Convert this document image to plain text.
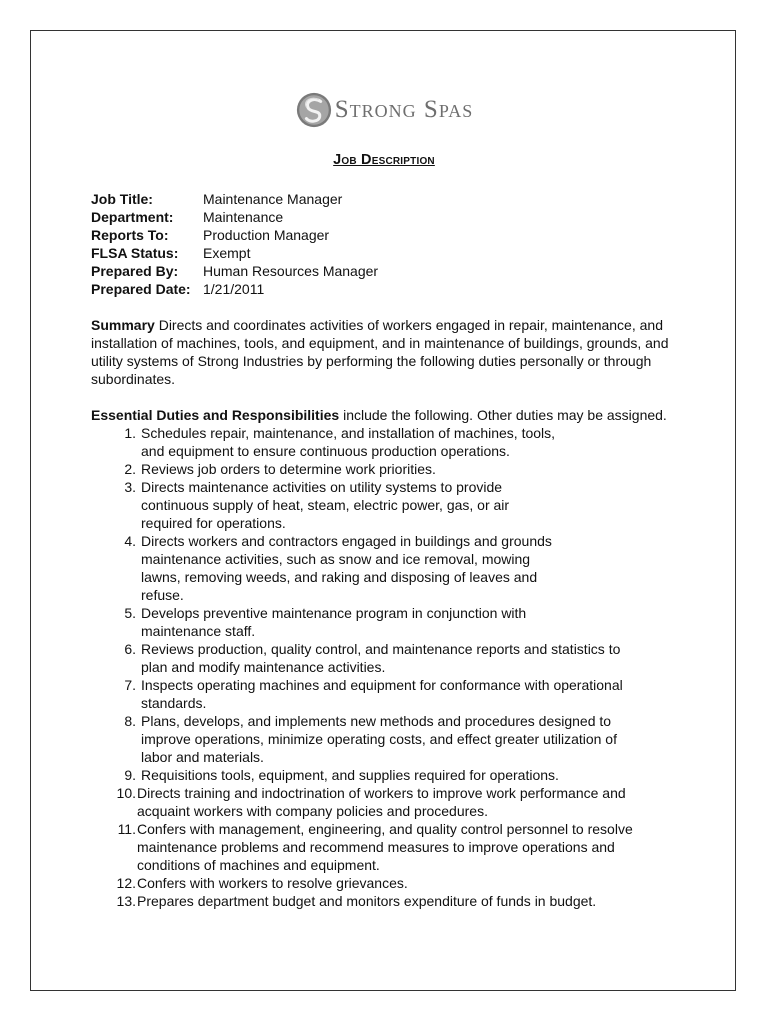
Strong Spas
Job Description
Job Title:	Maintenance Manager
Department:	Maintenance
Reports To:	Production Manager
FLSA Status:	Exempt
Prepared By:	Human Resources Manager
Prepared Date: 1/21/2011
Summary Directs and coordinates activities of workers engaged in repair, maintenance, and installation of machines, tools, and equipment, and in maintenance of buildings, grounds, and utility systems of Strong Industries by performing the following duties personally or through subordinates.
Essential Duties and Responsibilities include the following. Other duties may be assigned.
1. Schedules repair, maintenance, and installation of machines, tools,
and equipment to ensure continuous production operations.
2. Reviews job orders to determine work priorities.
3. Directs maintenance activities on utility systems to provide
continuous supply of heat, steam, electric power, gas, or air
required for operations.
4. Directs workers and contractors engaged in buildings and grounds
maintenance activities, such as snow and ice removal, mowing
lawns, removing weeds, and raking and disposing of leaves and
refuse.
5. Develops preventive maintenance program in conjunction with
maintenance staff.
6. Reviews production, quality control, and maintenance reports and statistics to
plan and modify maintenance activities.
7. Inspects operating machines and equipment for conformance with operational
standards.
8. Plans, develops, and implements new methods and procedures designed to
improve operations, minimize operating costs, and effect greater utilization of
labor and materials.
9. Requisitions tools, equipment, and supplies required for operations.
10. Directs training and indoctrination of workers to improve work performance and
acquaint workers with company policies and procedures.
11. Confers with management, engineering, and quality control personnel to resolve
maintenance problems and recommend measures to improve operations and
conditions of machines and equipment.
12. Confers with workers to resolve grievances.
13. Prepares department budget and monitors expenditure of funds in budget.
